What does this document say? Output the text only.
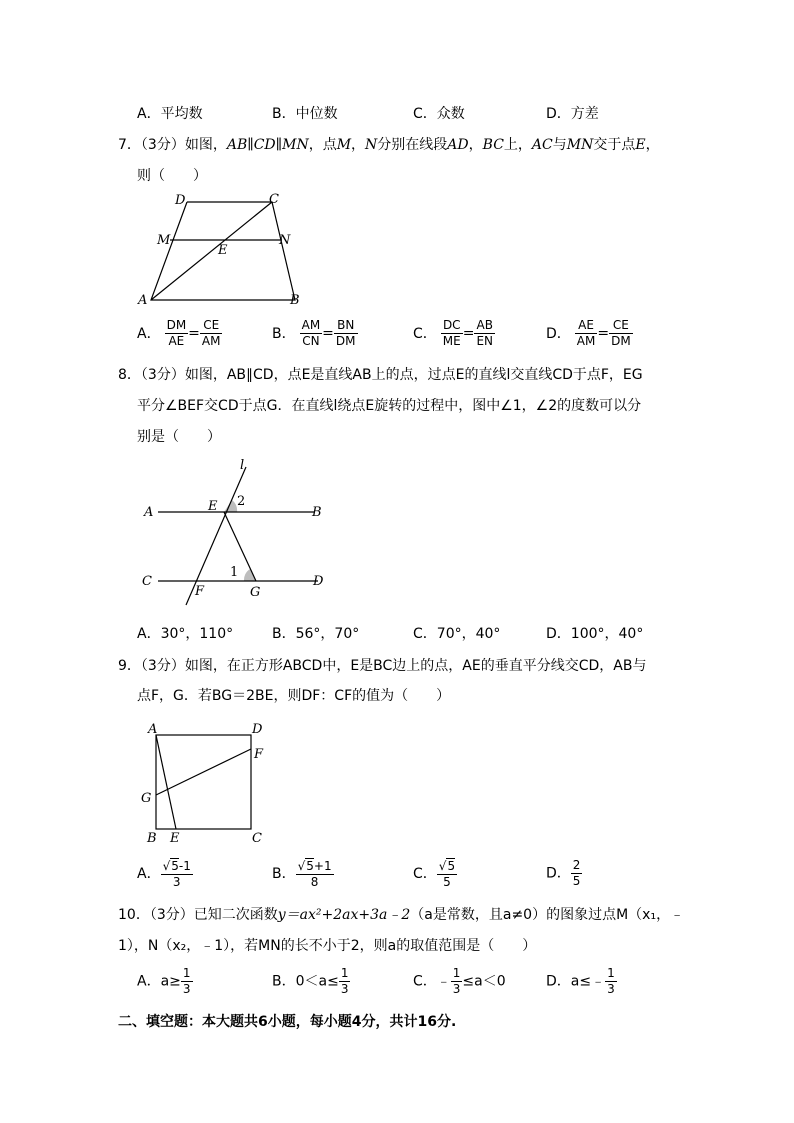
A．平均数	B．中位数	C．众数	D．方差
7．（3分）如图，AB∥CD∥MN，点M，N分别在线段AD，BC上，AC与MN交于点E，
则（　　）
D	C
M	N
E
A	B
A． $\frac{DM}{AE} = \frac{CE}{AM}$	B． $\frac{AM}{CN} = \frac{BN}{DM}$	C． $\frac{DC}{ME} = \frac{AB}{EN}$	D． $\frac{AE}{AM} = \frac{CE}{DM}$
8．（3分）如图，AB∥CD，点E是直线AB上的点，过点E的直线l交直线CD于点F，EG
平分∠BEF交CD于点G．在直线l绕点E旋转的过程中，图中∠1，∠2的度数可以分
别是（　　）
l
A	E	B
2
1
C
F	G
D
A．30°，110°	B．56°，70°	C．70°，40°	D．100°，40°
9．（3分）如图，在正方形ABCD中，E是BC边上的点，AE的垂直平分线交CD，AB与
点F，G．若BG＝2BE，则DF：CF的值为（　　）
A	D
F
G
B E	C
A． $\frac{√5-1}{3}$	B． $\frac{√5+1}{8}$	C． $\frac{√5}{5}$	D． $\frac{2}{5}$
10．（3分）已知二次函数y＝ax²+2ax+3a﹣2（a是常数，且a≠0）的图象过点M（x₁，﹣
1），N（x₂，﹣1），若MN的长不小于2，则a的取值范围是（　　）
A．$a\ge \frac{1}{3}$	B．$0<a\le \frac{1}{3}$	C．﹣ $\frac{1}{3} \le a<0$	D．a≤﹣ $\frac{1}{3}$
二、填空题：本大题共6小题，每小题4分，共计16分.
